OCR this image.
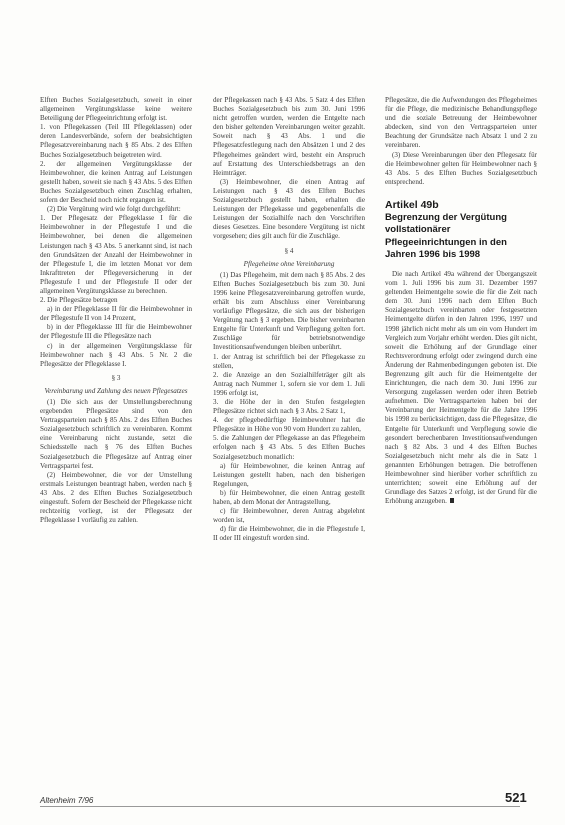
Elften Buches Sozialgesetzbuch, soweit in einer allgemeinen Vergütungsklasse keine weitere Beteiligung der Pflegeeinrichtung erfolgt ist.

1. von Pflegekassen (Teil III Pflegeklassen) oder deren Landesverbände, sofern der beabsichtigten Pflegesatzvereinbarung nach § 85 Abs. 2 des Elften Buches Sozialgesetzbuch beigetreten wird.

2. der allgemeinen Vergütungsklasse der Heimbewohner, die keinen Antrag auf Leistungen gestellt haben, soweit sie nach § 43 Abs. 5 des Elften Buches Sozialgesetzbuch einen Zuschlag erhalten, sofern der Bescheid noch nicht ergangen ist.

(2) Die Vergütung wird wie folgt durchgeführt:

1. Der Pflegesatz der Pflegeklasse I für die Heimbewohner in der Pflegestufe I und die Heimbewohner, bei denen die allgemeinen Leistungen nach § 43 Abs. 5 anerkannt sind, ist nach den Grundsätzen der Anzahl der Heimbewohner in der Pflegestufe I, die im letzten Monat vor dem Inkrafttreten der Pflegeversicherung in der Pflegestufe I und der Pflegestufe II oder der allgemeinen Vergütungsklasse zu berechnen.

2. Die Pflegesätze betragen

a) in der Pflegeklasse II für die Heimbewohner in der Pflegestufe II von 14 Prozent,

b) in der Pflegeklasse III für die Heimbewohner der Pflegestufe III die Pflegesätze nach

c) in der allgemeinen Vergütungsklasse für Heimbewohner nach § 43 Abs. 5 Nr. 2 die Pflegesätze der Pflegeklasse I.

§ 3

Vereinbarung und Zahlung des neuen Pflegesatzes

(1) Die sich aus der Umstellungsberechnung ergebenden Pflegesätze sind von den Vertragsparteien nach § 85 Abs. 2 des Elften Buches Sozialgesetzbuch schriftlich zu vereinbaren. Kommt eine Vereinbarung nicht zustande, setzt die Schiedsstelle nach § 76 des Elften Buches Sozialgesetzbuch die Pflegesätze auf Antrag einer Vertragspartei fest.

(2) Heimbewohner, die vor der Umstellung erstmals Leistungen beantragt haben, werden nach § 43 Abs. 2 des Elften Buches Sozialgesetzbuch eingestuft. Sofern der Bescheid der Pflegekasse nicht rechtzeitig vorliegt, ist der Pflegesatz der Pflegeklasse I vorläufig zu zahlen.

der Pflegekassen nach § 43 Abs. 5 Satz 4 des Elften Buches Sozialgesetzbuch bis zum 30. Juni 1996 nicht getroffen wurden, werden die Entgelte nach den bisher geltenden Vereinbarungen weiter gezahlt. Soweit nach § 43 Abs. 1 und die Pflegesatzfestlegung nach den Absätzen 1 und 2 des Pflegeheimes geändert wird, besteht ein Anspruch auf Erstattung des Unterschiedsbetrags an den Heimträger.

(3) Heimbewohner, die einen Antrag auf Leistungen nach § 43 des Elften Buches Sozialgesetzbuch gestellt haben, erhalten die Leistungen der Pflegekasse und gegebenenfalls die Leistungen der Sozialhilfe nach den Vorschriften dieses Gesetzes. Eine besondere Vergütung ist nicht vorgesehen; dies gilt auch für die Zuschläge.

§ 4

Pflegeheime ohne Vereinbarung

(1) Das Pflegeheim, mit dem nach § 85 Abs. 2 des Elften Buches Sozialgesetzbuch bis zum 30. Juni 1996 keine Pflegesatzvereinbarung getroffen wurde, erhält bis zum Abschluss einer Vereinbarung vorläufige Pflegesätze, die sich aus der bisherigen Vergütung nach § 3 ergeben. Die bisher vereinbarten Entgelte für Unterkunft und Verpflegung gelten fort. Zuschläge für betriebsnotwendige Investitionsaufwendungen bleiben unberührt.

1. der Antrag ist schriftlich bei der Pflegekasse zu stellen,

2. die Anzeige an den Sozialhilfeträger gilt als Antrag nach Nummer 1, sofern sie vor dem 1. Juli 1996 erfolgt ist,

3. die Höhe der in den Stufen festgelegten Pflegesätze richtet sich nach § 3 Abs. 2 Satz 1,

4. der pflegebedürftige Heimbewohner hat die Pflegesätze in Höhe von 90 vom Hundert zu zahlen,

5. die Zahlungen der Pflegekasse an das Pflegeheim erfolgen nach § 43 Abs. 5 des Elften Buches Sozialgesetzbuch monatlich:

a) für Heimbewohner, die keinen Antrag auf Leistungen gestellt haben, nach den bisherigen Regelungen,

b) für Heimbewohner, die einen Antrag gestellt haben, ab dem Monat der Antragstellung,

c) für Heimbewohner, deren Antrag abgelehnt worden ist,

d) für die Heimbewohner, die in die Pflegestufe I, II oder III eingestuft worden sind.

Pflegesätze, die die Aufwendungen des Pflegeheimes für die Pflege, die medizinische Behandlungspflege und die soziale Betreuung der Heimbewohner abdecken, sind von den Vertragsparteien unter Beachtung der Grundsätze nach Absatz 1 und 2 zu vereinbaren.

(3) Diese Vereinbarungen über den Pflegesatz für die Heimbewohner gelten für Heimbewohner nach § 43 Abs. 5 des Elften Buches Sozialgesetzbuch entsprechend.

Artikel 49b
Begrenzung der Vergütung vollstationärer Pflegeeinrichtungen in den Jahren 1996 bis 1998

Die nach Artikel 49a während der Übergangszeit vom 1. Juli 1996 bis zum 31. Dezember 1997 geltenden Heimentgelte sowie die für die Zeit nach dem 30. Juni 1996 nach dem Elften Buch Sozialgesetzbuch vereinbarten oder festgesetzten Heimentgelte dürfen in den Jahren 1996, 1997 und 1998 jährlich nicht mehr als um ein vom Hundert im Vergleich zum Vorjahr erhöht werden. Dies gilt nicht, soweit die Erhöhung auf der Grundlage einer Rechtsverordnung erfolgt oder zwingend durch eine Änderung der Rahmenbedingungen geboten ist. Die Begrenzung gilt auch für die Heimentgelte der Einrichtungen, die nach dem 30. Juni 1996 zur Versorgung zugelassen werden oder ihren Betrieb aufnehmen. Die Vertragsparteien haben bei der Vereinbarung der Heimentgelte für die Jahre 1996 bis 1998 zu berücksichtigen, dass die Pflegesätze, die Entgelte für Unterkunft und Verpflegung sowie die gesondert berechenbaren Investitionsaufwendungen nach § 82 Abs. 3 und 4 des Elften Buches Sozialgesetzbuch nicht mehr als die in Satz 1 genannten Erhöhungen betragen. Die betroffenen Heimbewohner sind hierüber vorher schriftlich zu unterrichten; soweit eine Erhöhung auf der Grundlage des Satzes 2 erfolgt, ist der Grund für die Erhöhung anzugeben.

Altenheim 7/96	521
